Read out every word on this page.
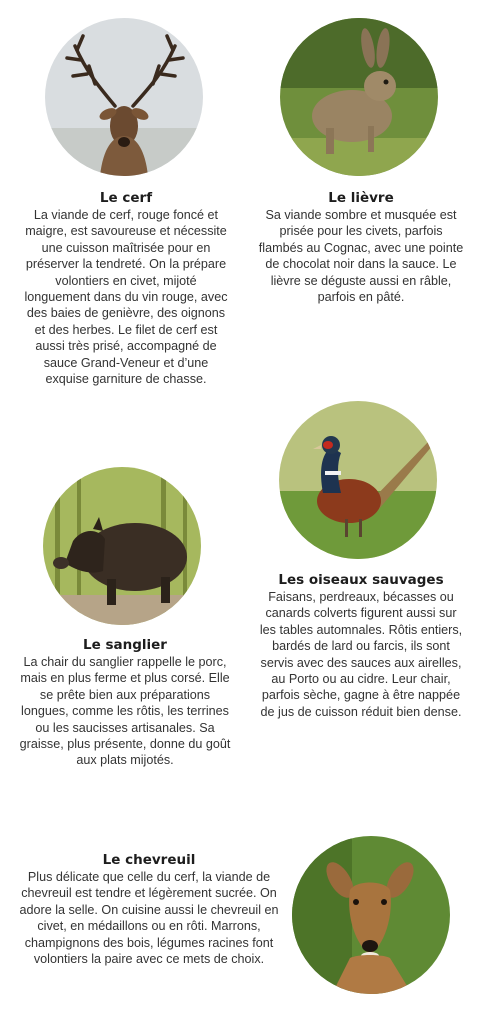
Le cerf

La viande de cerf, rouge foncé et maigre, est savoureuse et nécessite une cuisson maîtrisée pour en préserver la tendreté. On la prépare volontiers en civet, mijoté longuement dans du vin rouge, avec des baies de genièvre, des oignons et des herbes. Le filet de cerf est aussi très prisé, accompagné de sauce Grand-Veneur et d’une exquise garniture de chasse.

Le lièvre

Sa viande sombre et musquée est prisée pour les civets, parfois flambés au Cognac, avec une pointe de chocolat noir dans la sauce. Le lièvre se déguste aussi en râble, parfois en pâté.

Les oiseaux sauvages

Faisans, perdreaux, bécasses ou canards colverts figurent aussi sur les tables automnales. Rôtis entiers, bardés de lard ou farcis, ils sont servis avec des sauces aux airelles, au Porto ou au cidre. Leur chair, parfois sèche, gagne à être nappée de jus de cuisson réduit bien dense.

Le sanglier

La chair du sanglier rappelle le porc, mais en plus ferme et plus corsé. Elle se prête bien aux préparations longues, comme les rôtis, les terrines ou les saucisses artisanales. Sa graisse, plus présente, donne du goût aux plats mijotés.

Le chevreuil

Plus délicate que celle du cerf, la viande de chevreuil est tendre et légèrement sucrée. On adore la selle. On cuisine aussi le chevreuil en civet, en médaillons ou en rôti. Marrons, champignons des bois, légumes racines font volontiers la paire avec ce mets de choix.
